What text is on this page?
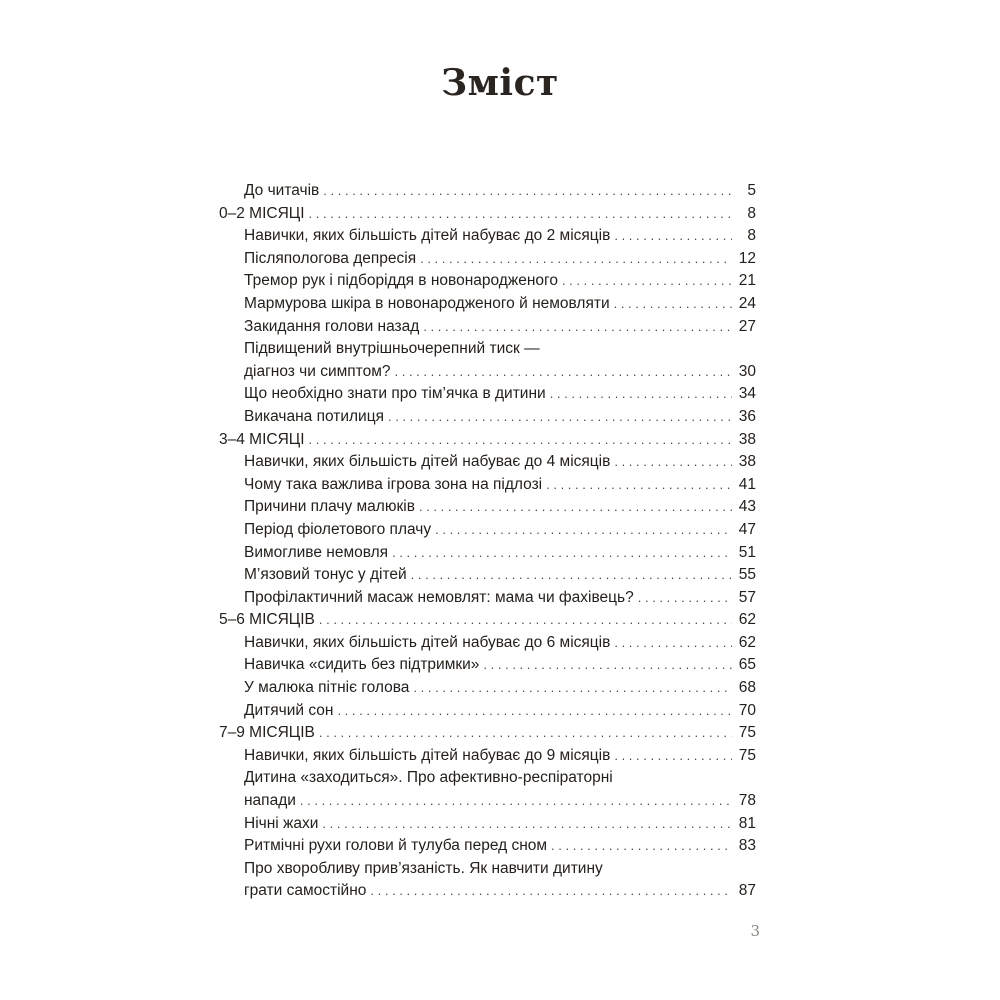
Зміст
До читачів . . .	5
0–2 МІСЯЦІ . . .	8
Навички, яких більшість дітей набуває до 2 місяців . . .	8
Післяпологова депресія . . .	12
Тремор рук і підборіддя в новонародженого . . .	21
Мармурова шкіра в новонародженого й немовляти . . .	24
Закидання голови назад . . .	27
Підвищений внутрішньочерепний тиск —
діагноз чи симптом? . . .	30
Що необхідно знати про тім’ячка в дитини . . .	34
Викачана потилиця . . .	36
3–4 МІСЯЦІ . . .	38
Навички, яких більшість дітей набуває до 4 місяців . . .	38
Чому така важлива ігрова зона на підлозі . . .	41
Причини плачу малюків . . .	43
Період фіолетового плачу . . .	47
Вимогливе немовля . . .	51
М’язовий тонус у дітей . . .	55
Профілактичний масаж немовлят: мама чи фахівець? . . .	57
5–6 МІСЯЦІВ . . .	62
Навички, яких більшість дітей набуває до 6 місяців . . .	62
Навичка «сидить без підтримки» . . .	65
У малюка пітніє голова . . .	68
Дитячий сон . . .	70
7–9 МІСЯЦІВ . . .	75
Навички, яких більшість дітей набуває до 9 місяців . . .	75
Дитина «заходиться». Про афективно-респіраторні
напади . . .	78
Нічні жахи . . .	81
Ритмічні рухи голови й тулуба перед сном . . .	83
Про хворобливу прив’язаність. Як навчити дитину
грати самостійно . . .	87
3
